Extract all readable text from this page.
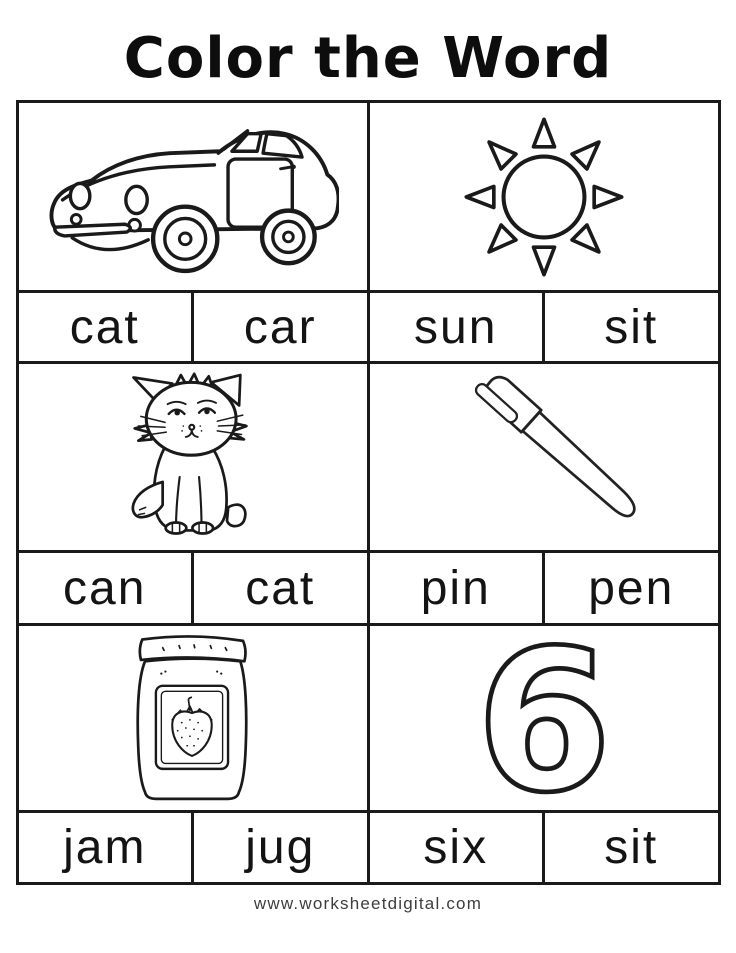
Color the Word
cat car sun sit
can cat pin pen
6
jam jug six sit
www.worksheetdigital.com
